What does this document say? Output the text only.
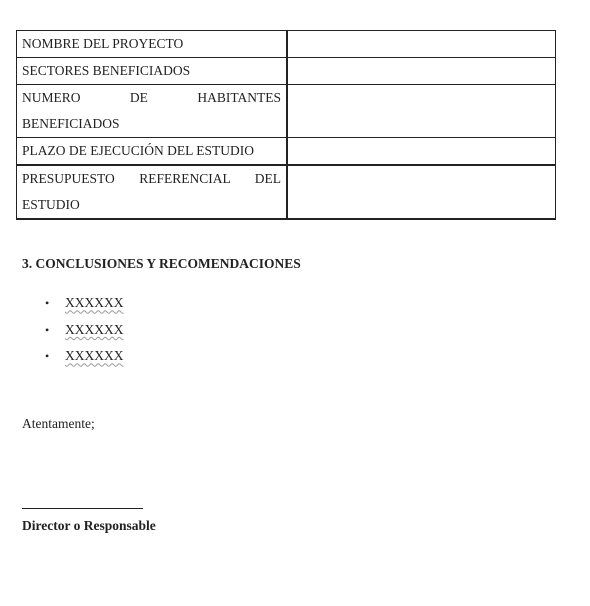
NOMBRE DEL PROYECTO	
SECTORES BENEFICIADOS	
NUMERO DE HABITANTES BENEFICIADOS	
PLAZO DE EJECUCIÓN DEL ESTUDIO	
PRESUPUESTO REFERENCIAL DEL ESTUDIO	
3. CONCLUSIONES Y RECOMENDACIONES
•	XXXXXX
•	XXXXXX
•	XXXXXX
Atentamente;
Director o Responsable
